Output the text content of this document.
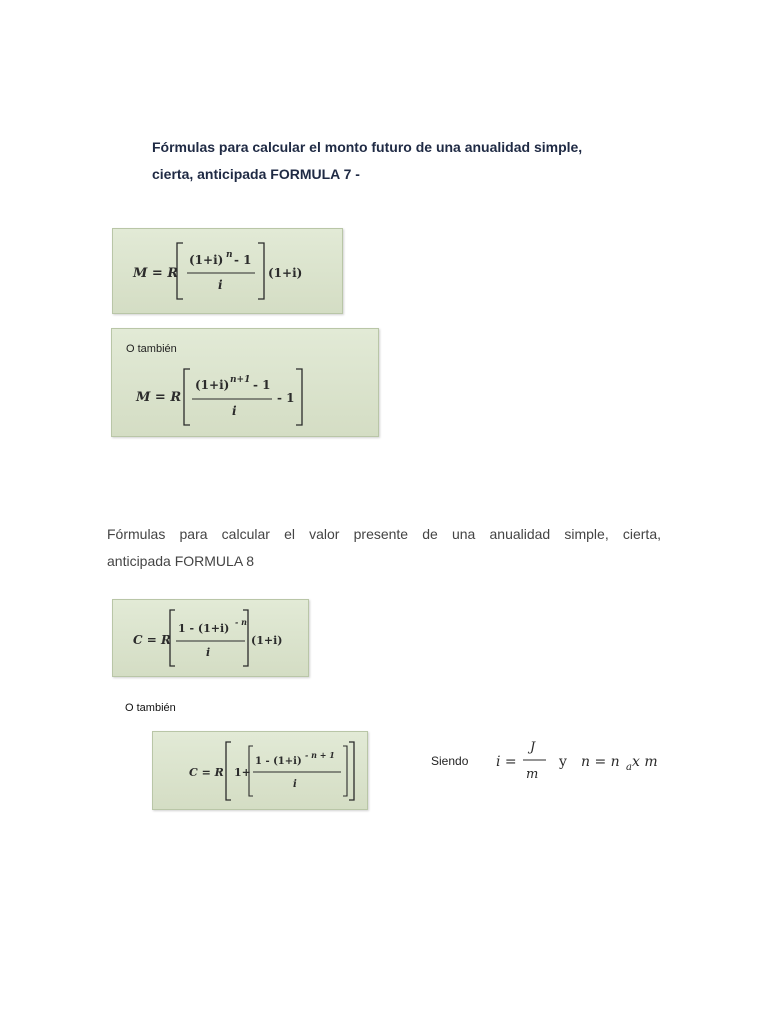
Fórmulas para calcular el monto futuro de una anualidad simple,
cierta, anticipada FORMULA 7 -
M = R
(1+i) n - 1
i
(1+i)
O también
M = R
(1+i) n+1 - 1
i
- 1
Fórmulas para calcular el valor presente de una anualidad simple, cierta,
anticipada FORMULA 8
C = R
1 - (1+i) - n
i
(1+i)
O también
C = R 1+
1 - (1+i)
- n + 1
i
Siendo i =
J
m
y n = n a x m
